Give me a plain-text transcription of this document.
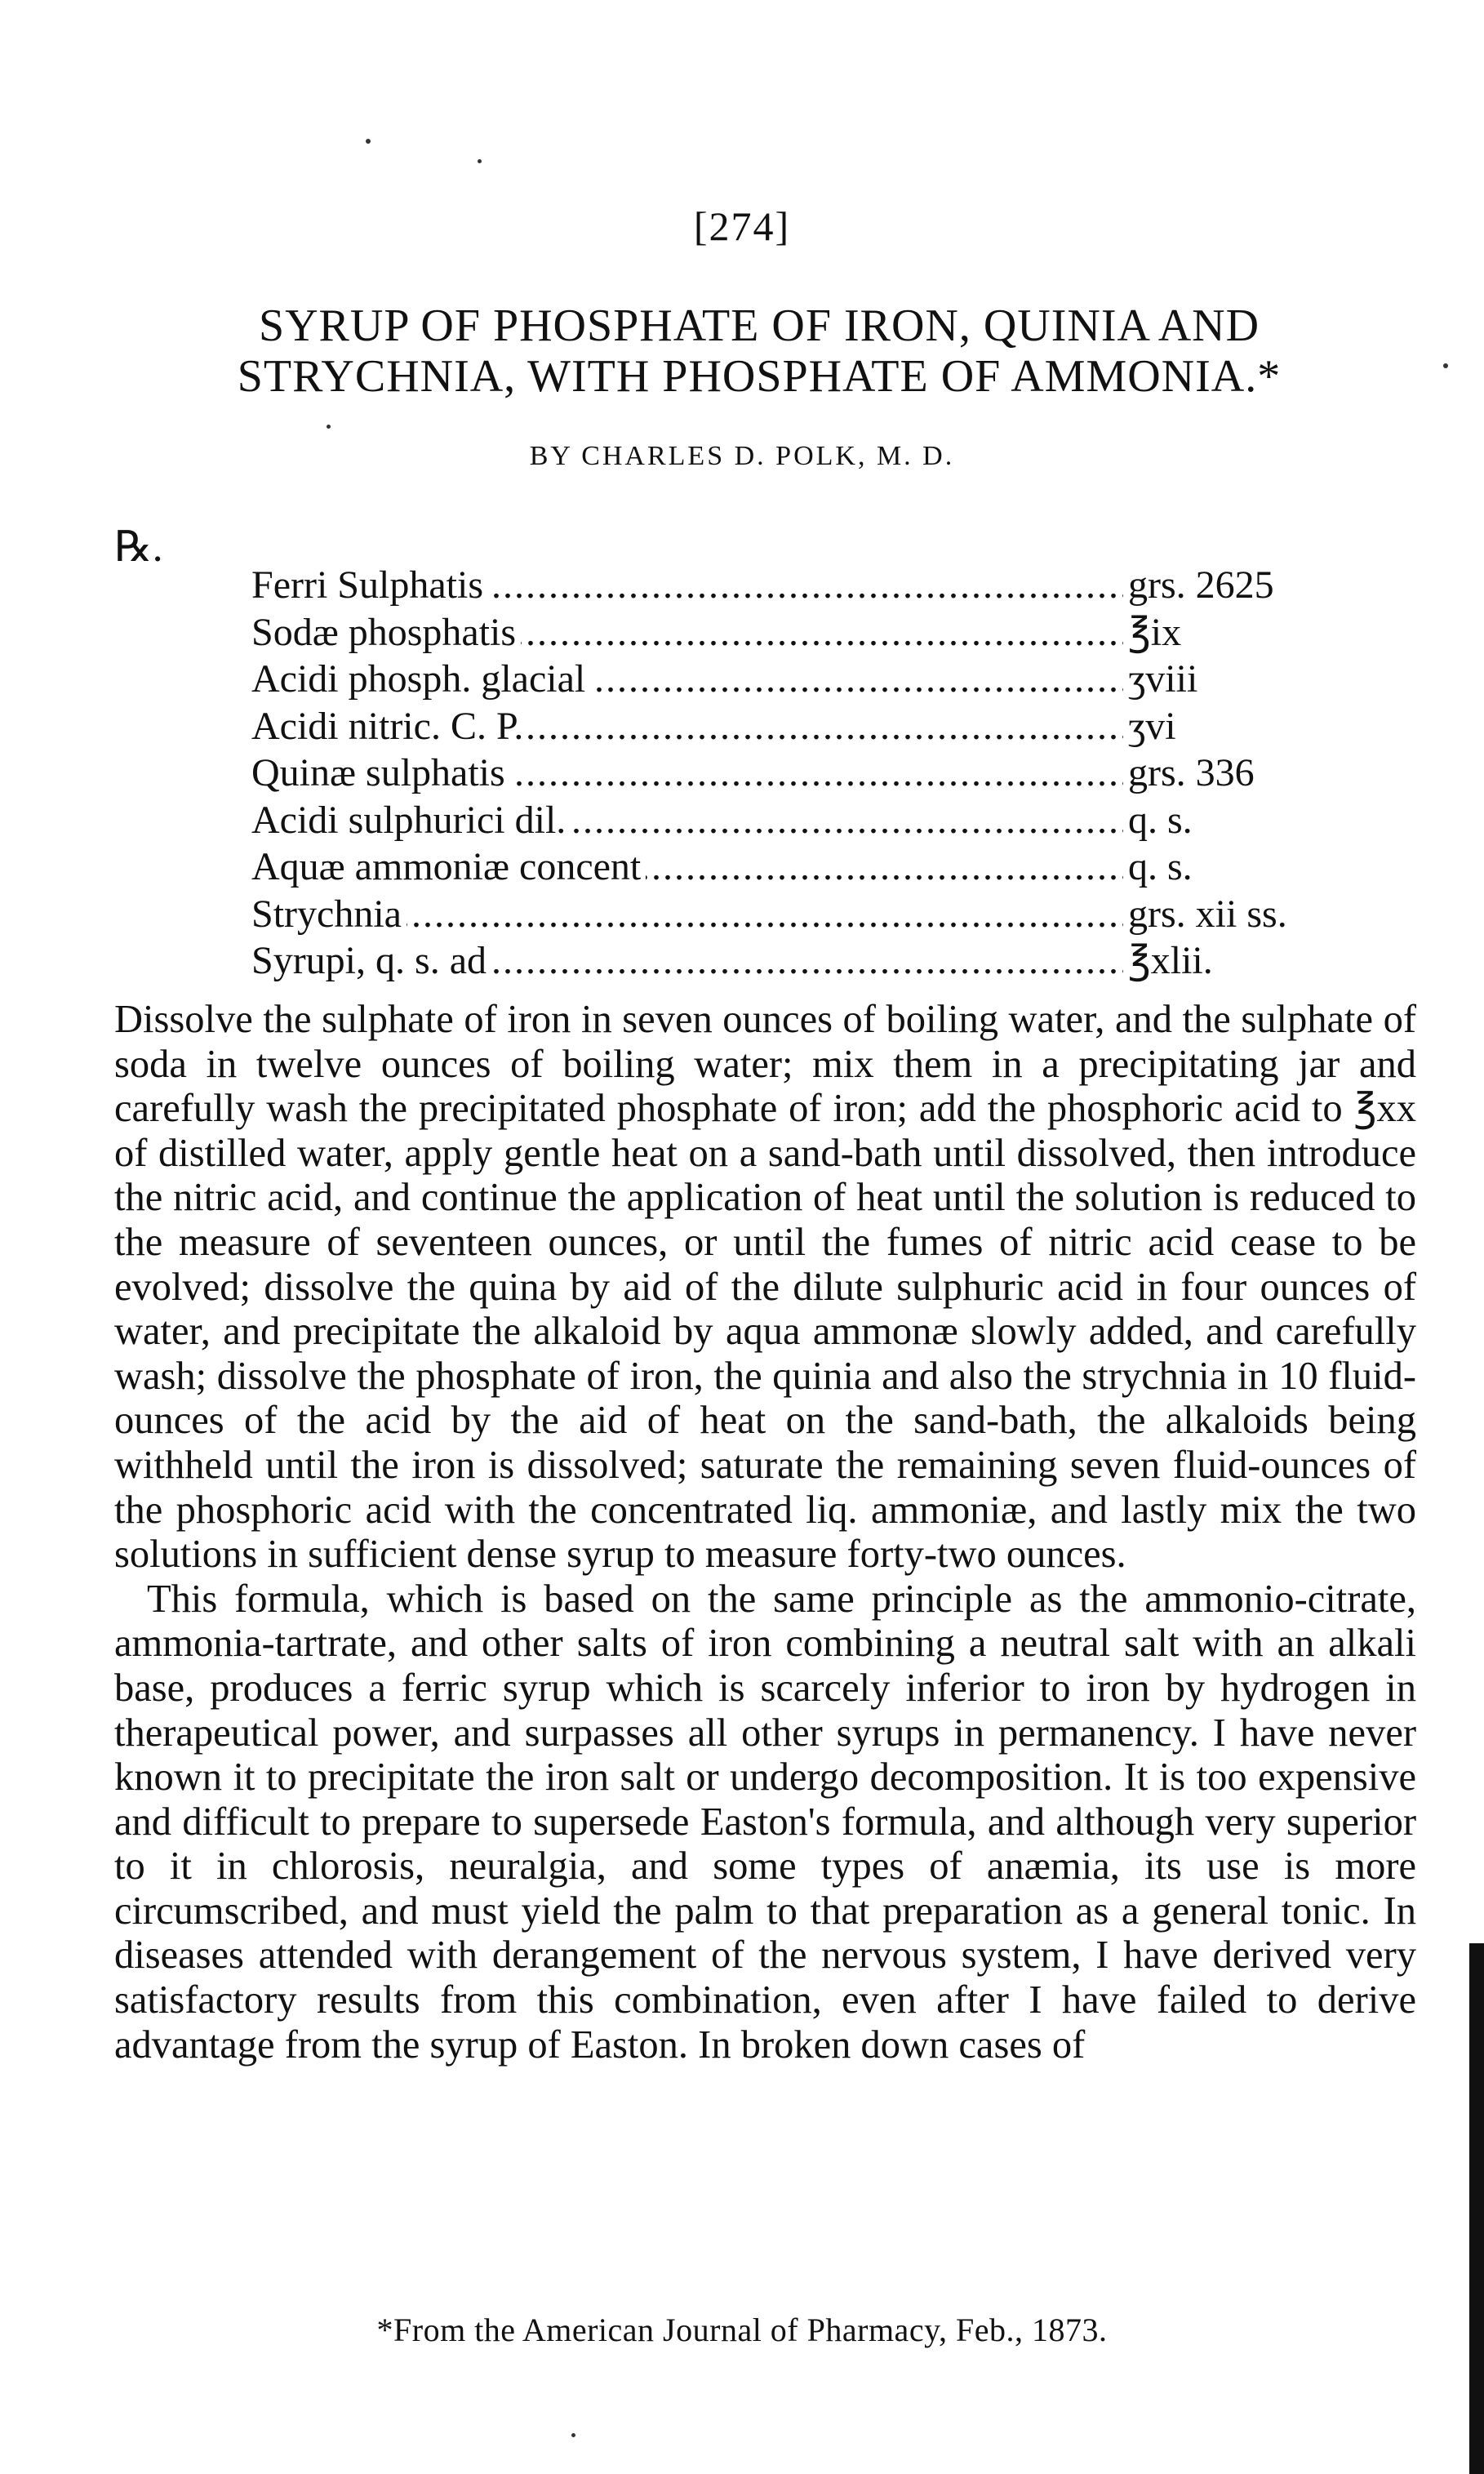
[274]
SYRUP OF PHOSPHATE OF IRON, QUINIA AND STRYCHNIA, WITH PHOSPHATE OF AMMONIA.*
BY CHARLES D. POLK, M. D.
℞.
.....
Ferri Sulphatis	grs. 2625
.....
Sodæ phosphatis	℥ix
.....
Acidi phosph. glacial	ʒviii
.....
Acidi nitric. C. P.	ʒvi
.....
Quinæ sulphatis	grs. 336
.....
Acidi sulphurici dil.	q. s.
.....
Aquæ ammoniæ concent	q. s.
.....
Strychnia	grs. xii ss.
.....
Syrupi, q. s. ad	℥xlii.

Dissolve the sulphate of iron in seven ounces of boiling water, and the sulphate of soda in twelve ounces of boiling water; mix them in a precipitating jar and carefully wash the precipitated phosphate of iron; add the phosphoric acid to ℥xx of distilled water, apply gentle heat on a sand-bath until dissolved, then introduce the nitric acid, and continue the application of heat until the solution is reduced to the measure of seventeen ounces, or until the fumes of nitric acid cease to be evolved; dissolve the quina by aid of the dilute sulphuric acid in four ounces of water, and precipitate the alkaloid by aqua ammonæ slowly added, and carefully wash; dissolve the phosphate of iron, the quinia and also the strychnia in 10 fluid-ounces of the acid by the aid of heat on the sand-bath, the alkaloids being withheld until the iron is dissolved; saturate the remaining seven fluid-ounces of the phosphoric acid with the concentrated liq. ammoniæ, and lastly mix the two solutions in sufficient dense syrup to measure forty-two ounces.

This formula, which is based on the same principle as the ammonio-citrate, ammonia-tartrate, and other salts of iron combining a neutral salt with an alkali base, produces a ferric syrup which is scarcely inferior to iron by hydrogen in therapeutical power, and surpasses all other syrups in permanency. I have never known it to precipitate the iron salt or undergo decomposition. It is too expensive and difficult to prepare to supersede Easton's formula, and although very superior to it in chlorosis, neuralgia, and some types of anæmia, its use is more circumscribed, and must yield the palm to that preparation as a general tonic. In diseases attended with derangement of the nervous system, I have derived very satisfactory results from this combination, even after I have failed to derive advantage from the syrup of Easton. In broken down cases of

*From the American Journal of Pharmacy, Feb., 1873.
